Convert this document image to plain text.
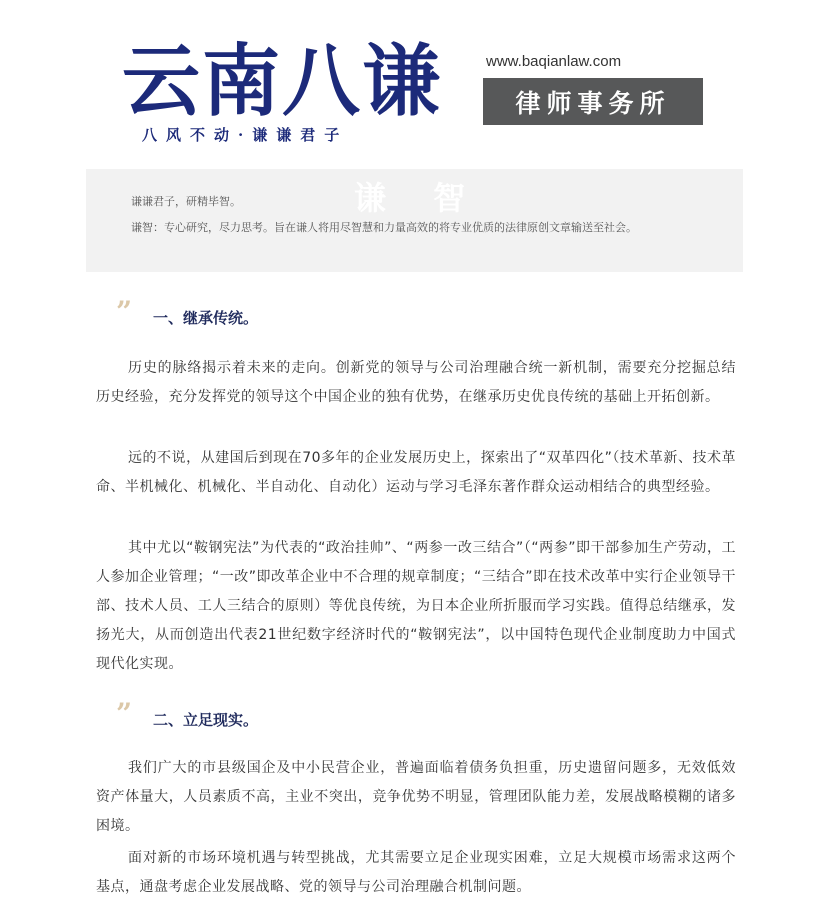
云南八谦
八风不动·谦谦君子
www.baqianlaw.com
律师事务所
谦 智
谦谦君子，研精毕智。

谦智：专心研究，尽力思考。旨在谦人将用尽智慧和力量高效的将专业优质的法律原创文章输送至社会。

” 一、继承传统。

历史的脉络揭示着未来的走向。创新党的领导与公司治理融合统一新机制，需要充分挖掘总结历史经验，充分发挥党的领导这个中国企业的独有优势，在继承历史优良传统的基础上开拓创新。

远的不说，从建国后到现在70多年的企业发展历史上，探索出了“双革四化”（技术革新、技术革命、半机械化、机械化、半自动化、自动化）运动与学习毛泽东著作群众运动相结合的典型经验。

其中尤以“鞍钢宪法”为代表的“政治挂帅”、“两参一改三结合”（“两参”即干部参加生产劳动，工人参加企业管理；“一改”即改革企业中不合理的规章制度；“三结合”即在技术改革中实行企业领导干部、技术人员、工人三结合的原则）等优良传统，为日本企业所折服而学习实践。值得总结继承，发扬光大，从而创造出代表21世纪数字经济时代的“鞍钢宪法”，以中国特色现代企业制度助力中国式现代化实现。

” 二、立足现实。

我们广大的市县级国企及中小民营企业，普遍面临着债务负担重，历史遗留问题多，无效低效资产体量大，人员素质不高，主业不突出，竞争优势不明显，管理团队能力差，发展战略模糊的诸多困境。

面对新的市场环境机遇与转型挑战，尤其需要立足企业现实困难，立足大规模市场需求这两个基点，通盘考虑企业发展战略、党的领导与公司治理融合机制问题。
